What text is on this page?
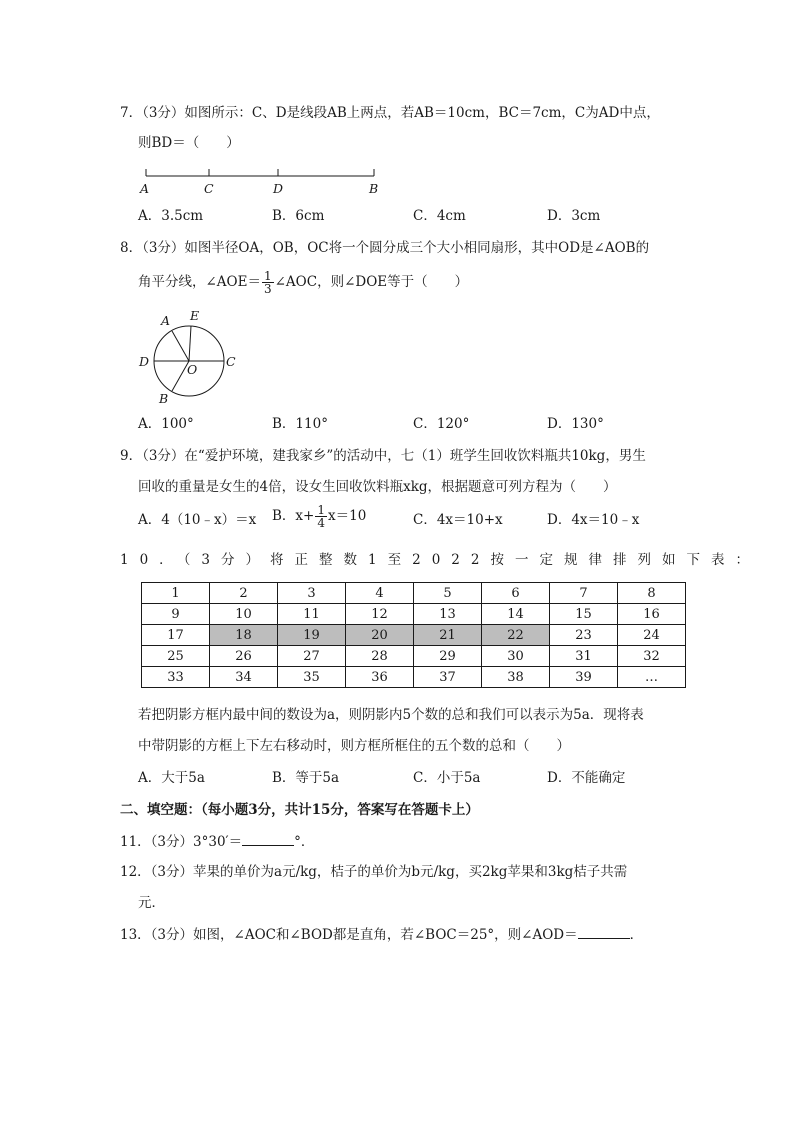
7．（3分）如图所示：C、D是线段AB上两点，若AB＝10cm，BC＝7cm，C为AD中点，
则BD＝（　　）
A	C	D	B
A．3.5cm	B．6cm	C．4cm	D．3cm
8．（3分）如图半径OA，OB，OC将一个圆分成三个大小相同扇形，其中OD是∠AOB的
角平分线，∠AOE＝ $\frac{1}{3}$ ∠AOC，则∠DOE等于（　　）
A E
D	C
O
B
A．100°	B．110°	C．120°	D．130°
9．（3分）在“爱护环境，建我家乡”的活动中，七（1）班学生回收饮料瓶共10kg，男生
回收的重量是女生的4倍，设女生回收饮料瓶xkg，根据题意可列方程为（　　）
A．4（10﹣x）＝x B．$x+ \frac{1}{4} x=10$	C．4x＝10+x	D．4x＝10﹣x
10．（3分）将正整数1至2022按一定规律排列如下表：
1	2	3	4	5	6	7	8
9	10	11	12	13	14	15	16
17	18	19	20	21	22	23	24
25	26	27	28	29	30	31	32
33	34	35	36	37	38	39	…
若把阴影方框内最中间的数设为a，则阴影内5个数的总和我们可以表示为5a．现将表
中带阴影的方框上下左右移动时，则方框所框住的五个数的总和（　　）
A．大于5a	B．等于5a	C．小于5a	D．不能确定
二、填空题：（每小题3分，共计15分，答案写在答题卡上）
11．（3分）3°30′＝	°．
12．（3分）苹果的单价为a元/kg，桔子的单价为b元/kg，买2kg苹果和3kg桔子共需
元．
13．（3分）如图，∠AOC和∠BOD都是直角，若∠BOC＝25°，则∠AOD＝	．
